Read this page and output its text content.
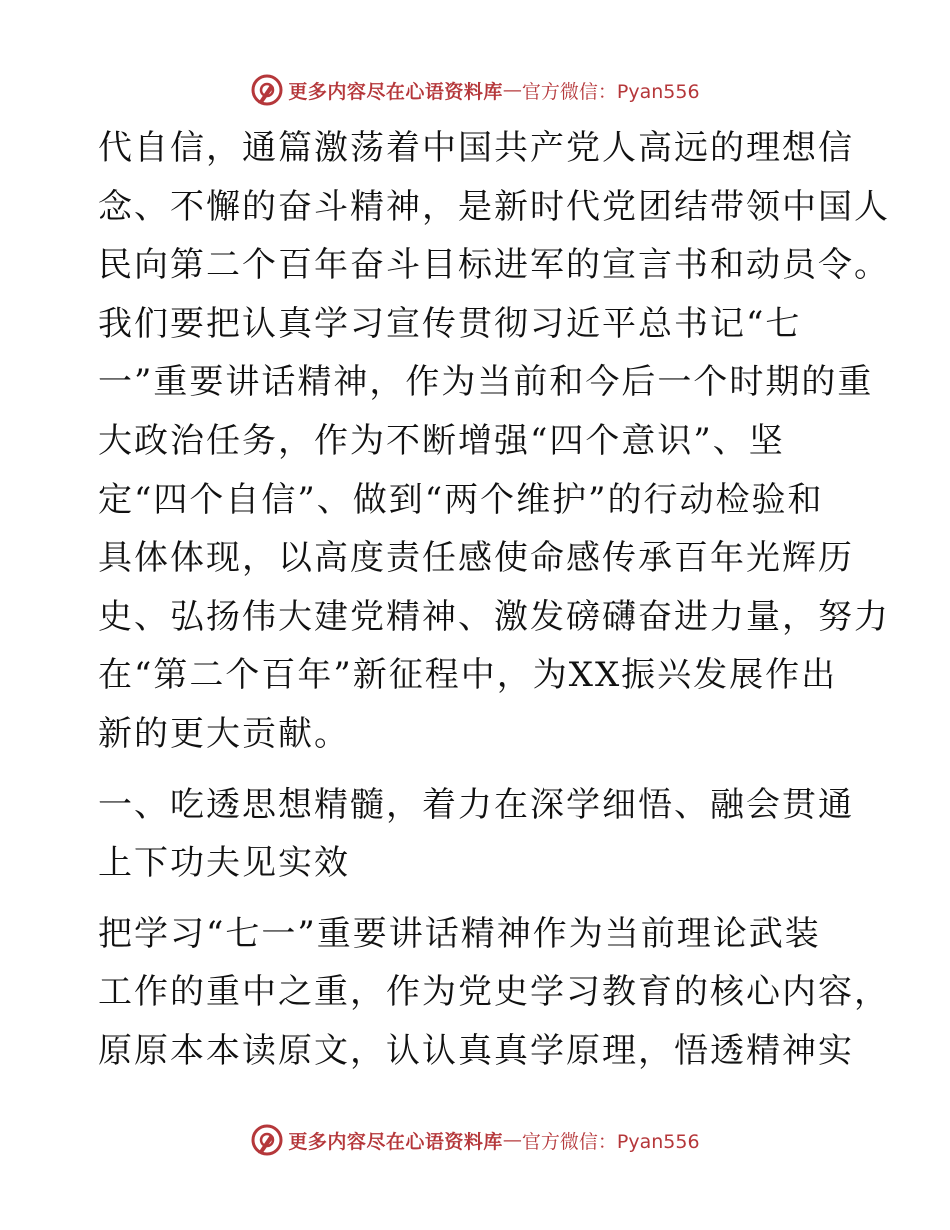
更多内容尽在心语资料库 — 官方微信：Pyan556
代自信，通篇激荡着中国共产党人高远的理想信
念、不懈的奋斗精神，是新时代党团结带领中国人
民向第二个百年奋斗目标进军的宣言书和动员令。
我们要把认真学习宣传贯彻习近平总书记“七
一”重要讲话精神，作为当前和今后一个时期的重
大政治任务，作为不断增强“四个意识”、坚
定“四个自信”、做到“两个维护”的行动检验和
具体体现，以高度责任感使命感传承百年光辉历
史、弘扬伟大建党精神、激发磅礴奋进力量，努力
在“第二个百年”新征程中，为XX振兴发展作出
新的更大贡献。
一、吃透思想精髓，着力在深学细悟、融会贯通
上下功夫见实效
把学习“七一”重要讲话精神作为当前理论武装
工作的重中之重，作为党史学习教育的核心内容，
原原本本读原文，认认真真学原理，悟透精神实
更多内容尽在心语资料库 — 官方微信：Pyan556
